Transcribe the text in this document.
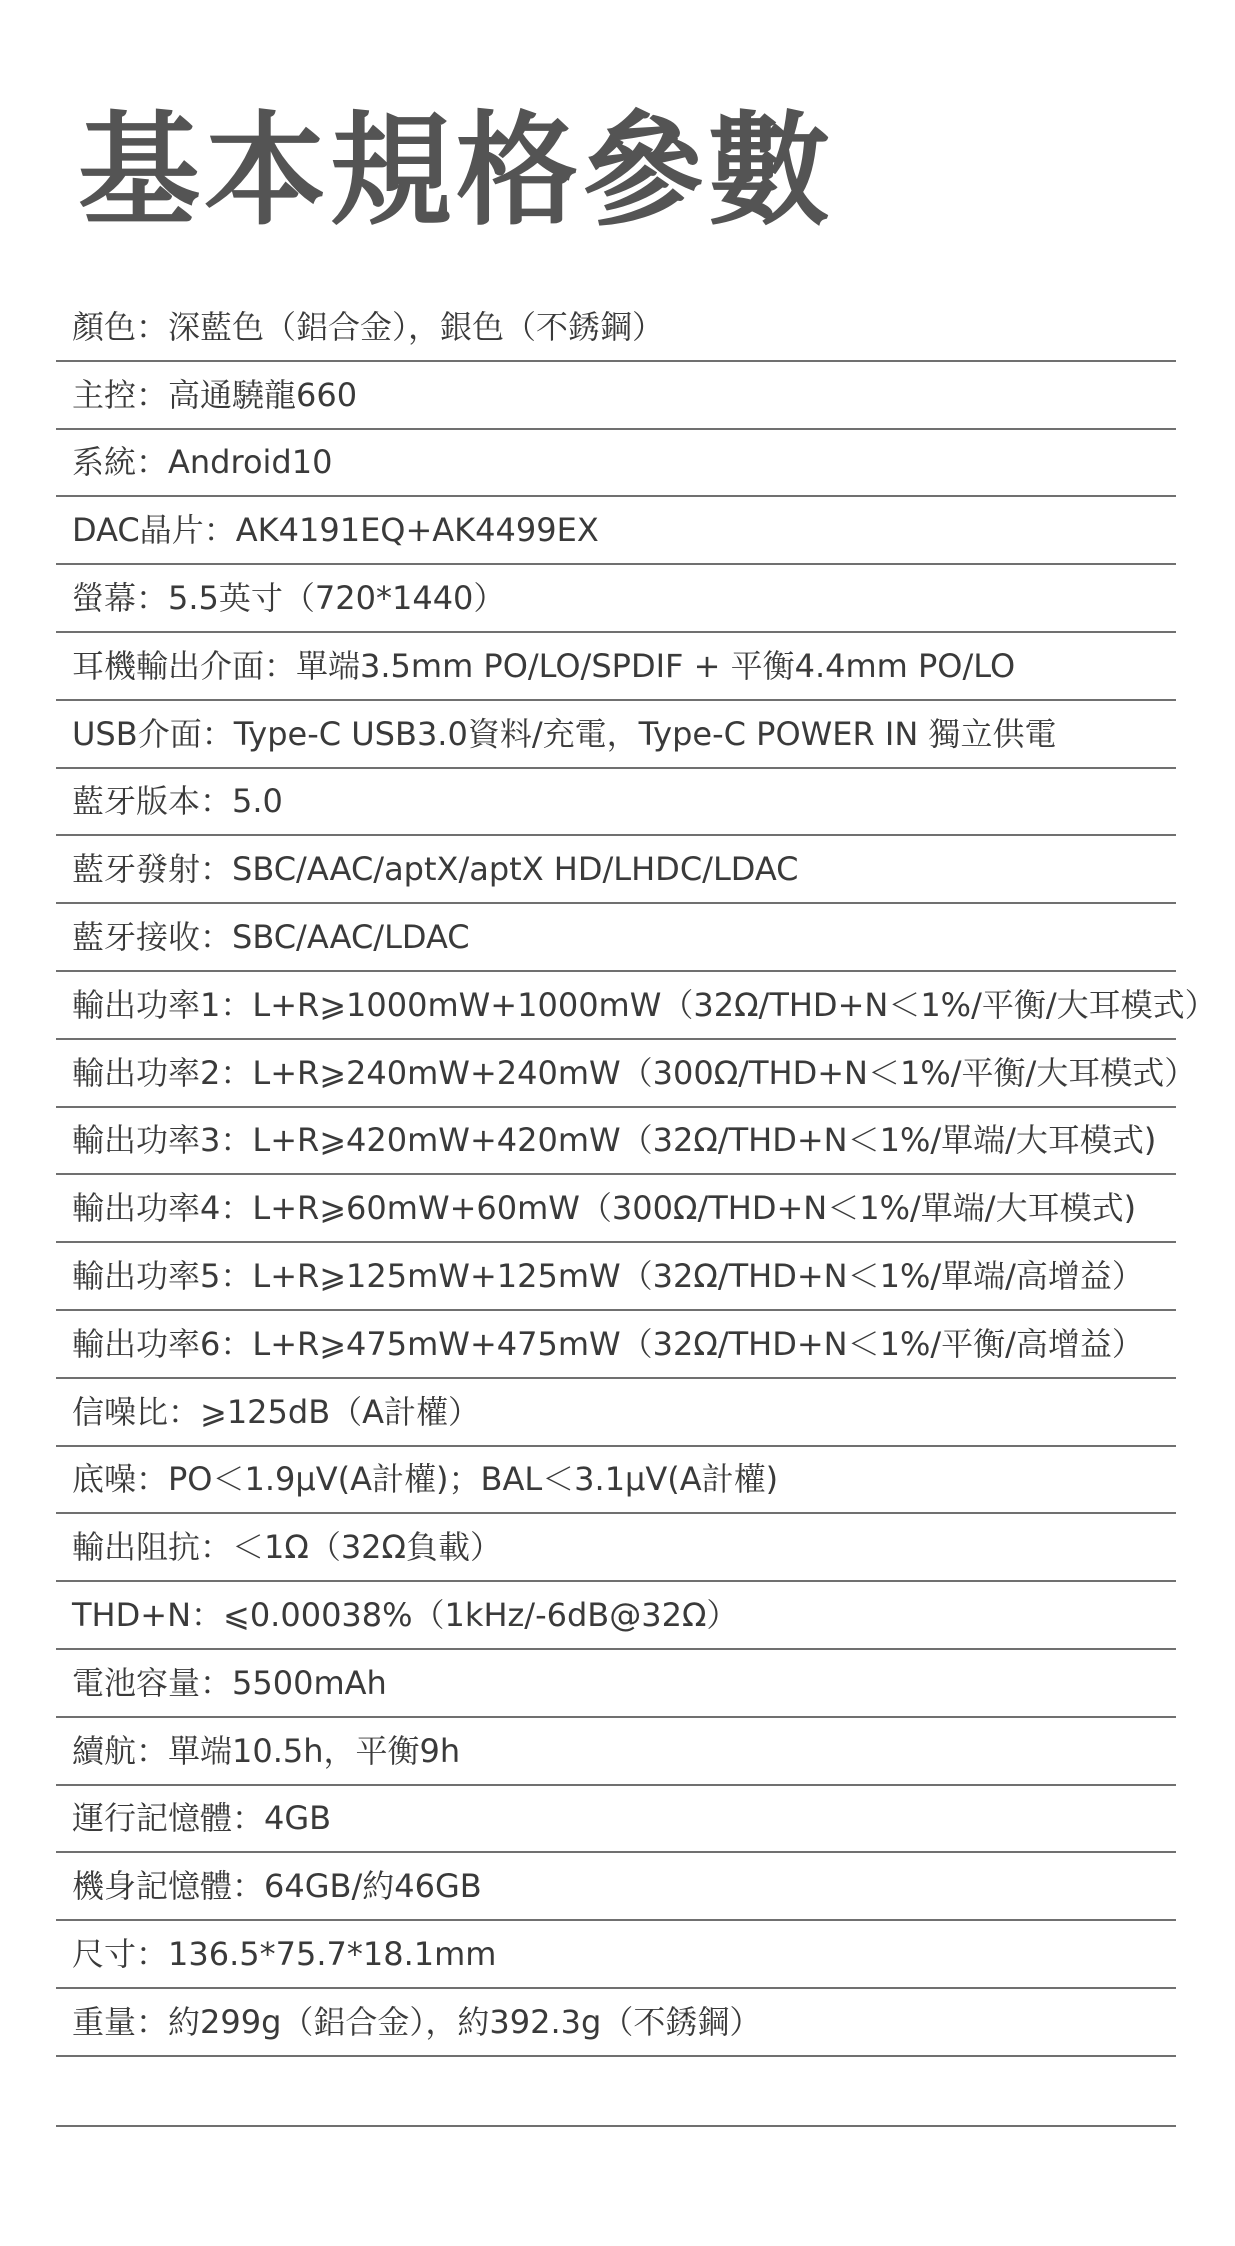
基本規格參數
顏色：深藍色（鋁合金），銀色（不銹鋼）
主控：高通驍龍660
系統：Android10
DAC晶片：AK4191EQ+AK4499EX
螢幕：5.5英寸（720*1440）
耳機輸出介面：單端3.5mm PO/LO/SPDIF + 平衡4.4mm PO/LO
USB介面：Type-C USB3.0資料/充電，Type-C POWER IN 獨立供電
藍牙版本：5.0
藍牙發射：SBC/AAC/aptX/aptX HD/LHDC/LDAC
藍牙接收：SBC/AAC/LDAC
輸出功率1：L+R⩾1000mW+1000mW（32Ω/THD+N＜1%/平衡/大耳模式）
輸出功率2：L+R⩾240mW+240mW（300Ω/THD+N＜1%/平衡/大耳模式）
輸出功率3：L+R⩾420mW+420mW（32Ω/THD+N＜1%/單端/大耳模式)
輸出功率4：L+R⩾60mW+60mW（300Ω/THD+N＜1%/單端/大耳模式)
輸出功率5：L+R⩾125mW+125mW（32Ω/THD+N＜1%/單端/高增益）
輸出功率6：L+R⩾475mW+475mW（32Ω/THD+N＜1%/平衡/高增益）
信噪比：⩾125dB（A計權）
底噪：PO＜1.9μV(A計權)；BAL＜3.1μV(A計權)
輸出阻抗：＜1Ω（32Ω負載）
THD+N：⩽0.00038%（1kHz/-6dB@32Ω）
電池容量：5500mAh
續航：單端10.5h，平衡9h
運行記憶體：4GB
機身記憶體：64GB/約46GB
尺寸：136.5*75.7*18.1mm
重量：約299g（鋁合金），約392.3g（不銹鋼）
